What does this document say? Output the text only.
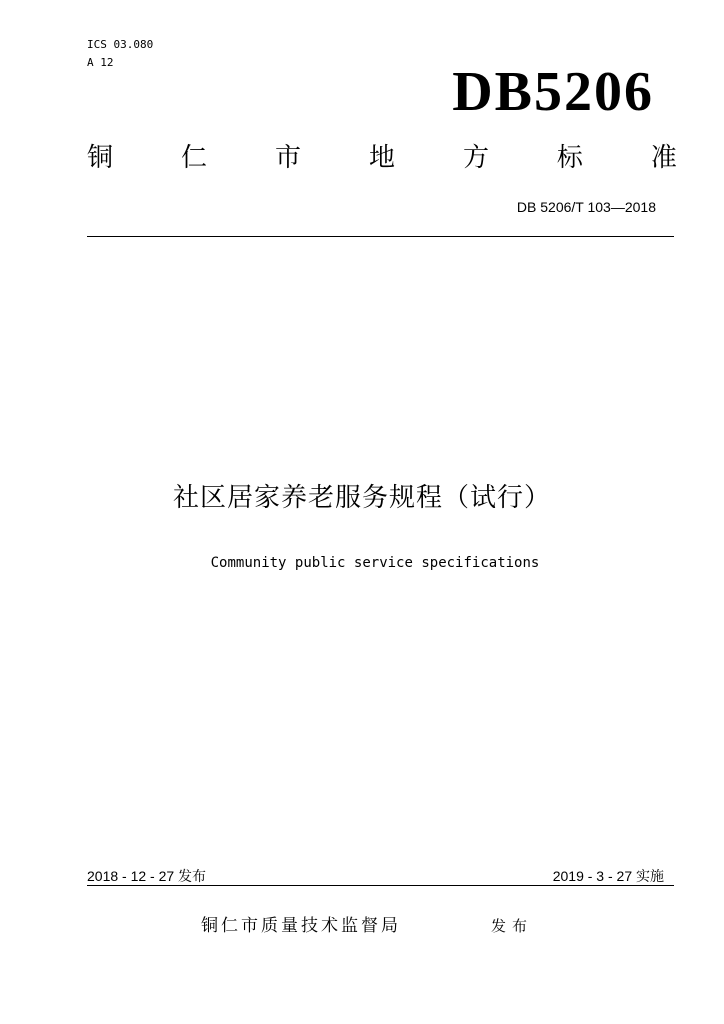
ICS 03.080
A 12	DB5206
铜	仁	市	地	方	标	准
DB 5206/T 103—2018
社区居家养老服务规程（试行）
Community public service specifications
2018 - 12 - 27 发布	2019 - 3 - 27 实施
铜仁市质量技术监督局	发布
